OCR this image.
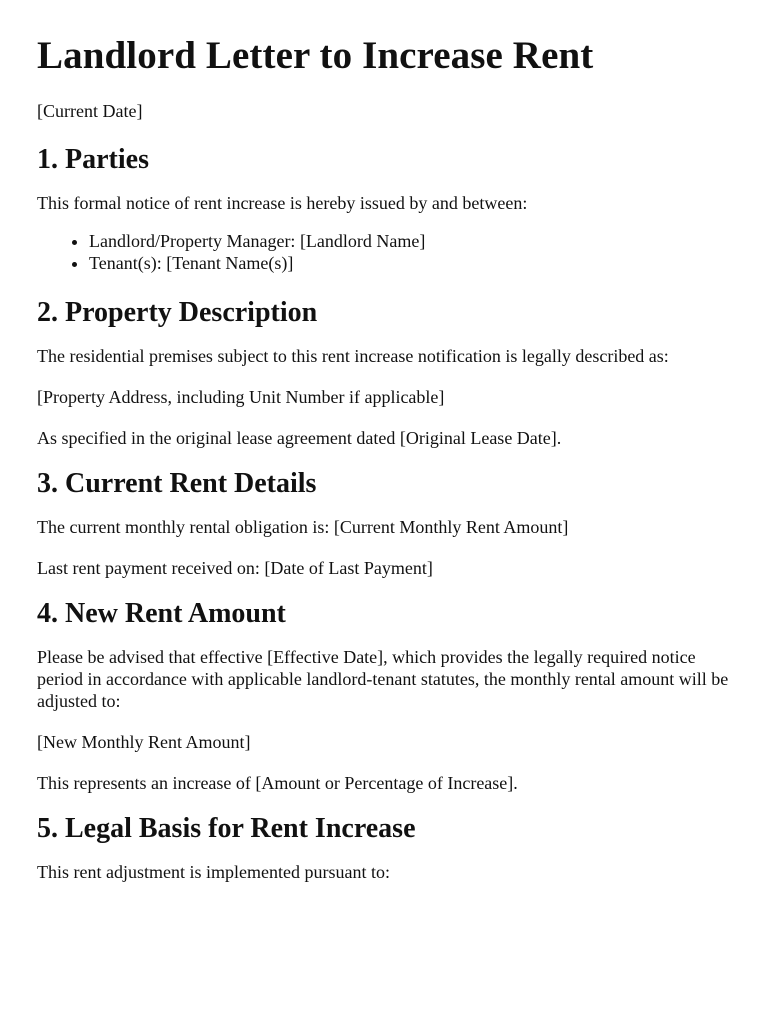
Landlord Letter to Increase Rent

[Current Date]

1. Parties

This formal notice of rent increase is hereby issued by and between:

• Landlord/Property Manager: [Landlord Name]
• Tenant(s): [Tenant Name(s)]
2. Property Description

The residential premises subject to this rent increase notification is legally described as:

[Property Address, including Unit Number if applicable]

As specified in the original lease agreement dated [Original Lease Date].

3. Current Rent Details

The current monthly rental obligation is: [Current Monthly Rent Amount]

Last rent payment received on: [Date of Last Payment]

4. New Rent Amount

Please be advised that effective [Effective Date], which provides the legally required notice period in accordance with applicable landlord-tenant statutes, the monthly rental amount will be adjusted to:

[New Monthly Rent Amount]

This represents an increase of [Amount or Percentage of Increase].

5. Legal Basis for Rent Increase

This rent adjustment is implemented pursuant to:
